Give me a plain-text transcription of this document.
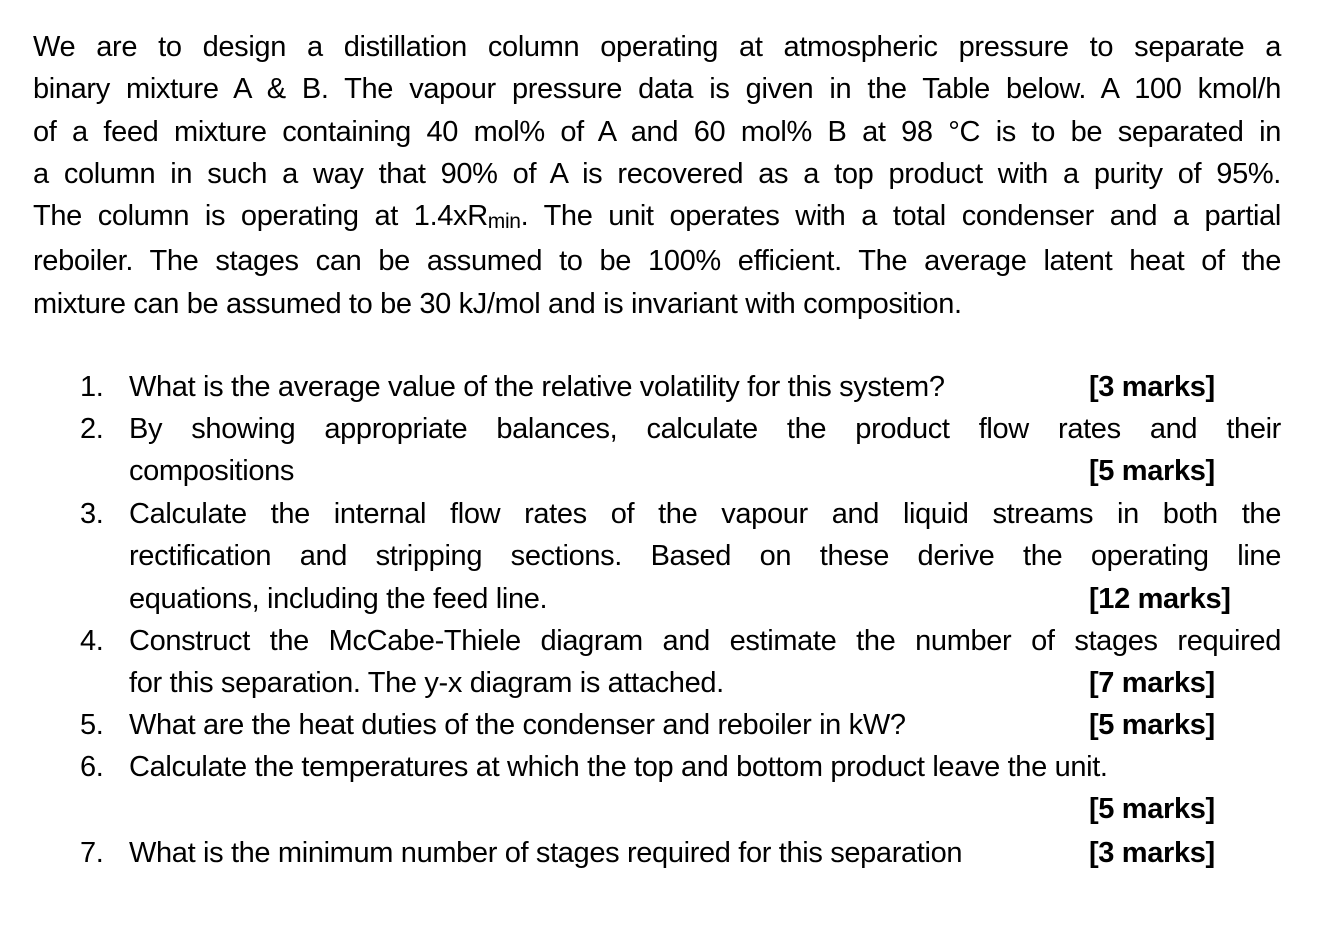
We are to design a distillation column operating at atmospheric pressure to separate a
binary mixture A & B. The vapour pressure data is given in the Table below. A 100 kmol/h
of a feed mixture containing 40 mol% of A and 60 mol% B at 98 °C is to be separated in
a column in such a way that 90% of A is recovered as a top product with a purity of 95%.
The column is operating at $1.4xR_{min}$. The unit operates with a total condenser and a partial
reboiler. The stages can be assumed to be 100% efficient. The average latent heat of the
mixture can be assumed to be 30 kJ/mol and is invariant with composition.
1. What is the average value of the relative volatility for this system?	[3 marks]
2. By showing appropriate balances, calculate the product flow rates and their
compositions	[5 marks]
3. Calculate the internal flow rates of the vapour and liquid streams in both the
rectification and stripping sections. Based on these derive the operating line
equations, including the feed line.	[12 marks]
4. Construct the McCabe-Thiele diagram and estimate the number of stages required
for this separation. The y-x diagram is attached.	[7 marks]
5. What are the heat duties of the condenser and reboiler in kW?	[5 marks]
6. Calculate the temperatures at which the top and bottom product leave the unit.
[5 marks]
7. What is the minimum number of stages required for this separation	[3 marks]
